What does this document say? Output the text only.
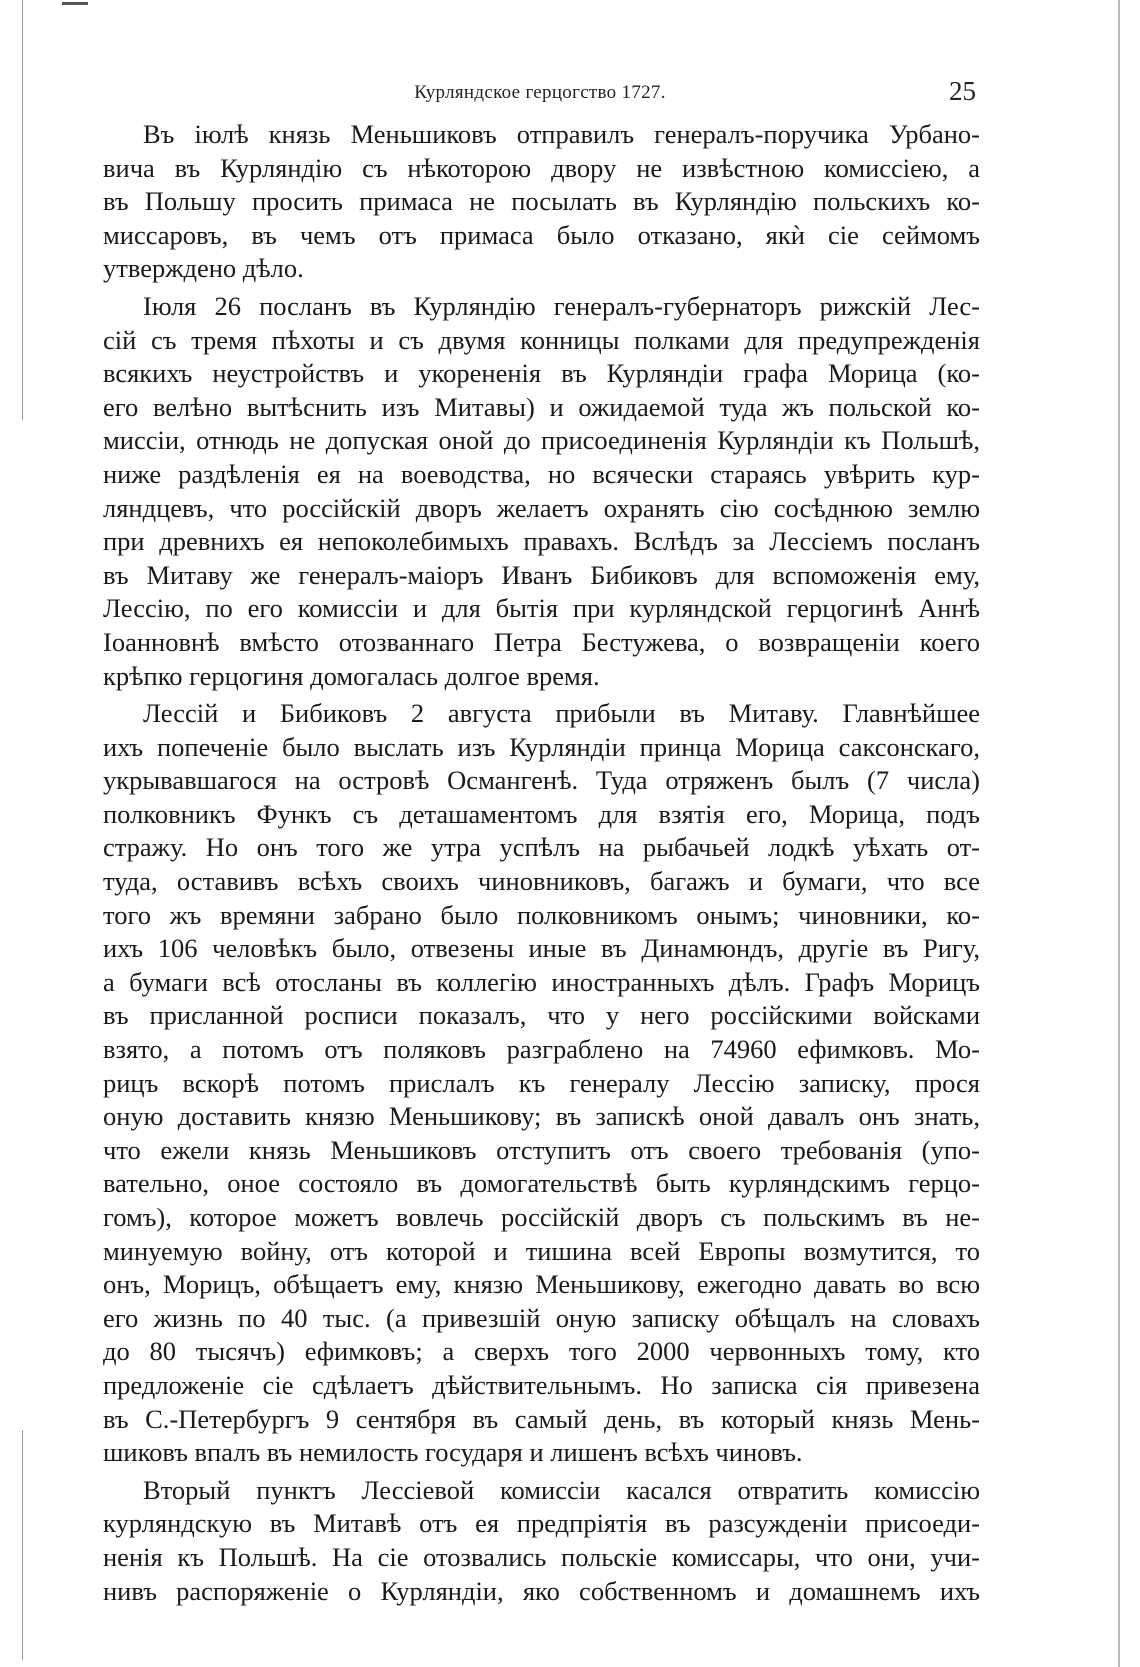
Курляндское герцогство 1727.	25
Въ іюлѣ князь Меньшиковъ отправилъ генералъ-поручика Урбано-
вича въ Курляндію съ нѣкоторою двору не извѣстною комиссіею, а
въ Польшу просить примаса не посылать въ Курляндію польскихъ ко-
миссаровъ, въ чемъ отъ примаса было отказано, якѝ сіе сеймомъ
утверждено дѣло.
Іюля 26 посланъ въ Курляндію генералъ-губернаторъ рижскій Лес-
сій съ тремя пѣхоты и съ двумя конницы полками для предупрежденія
всякихъ неустройствъ и укорененія въ Курляндіи графа Морица (ко-
его велѣно вытѣснить изъ Митавы) и ожидаемой туда жъ польской ко-
миссіи, отнюдь не допуская оной до присоединенія Курляндіи къ Польшѣ,
ниже раздѣленія ея на воеводства, но всячески стараясь увѣрить кур-
ляндцевъ, что россійскій дворъ желаетъ охранять сію сосѣднюю землю
при древнихъ ея непоколебимыхъ правахъ. Вслѣдъ за Лессіемъ посланъ
въ Митаву же генералъ-маіоръ Иванъ Бибиковъ для вспоможенія ему,
Лессію, по его комиссіи и для бытія при курляндской герцогинѣ Аннѣ
Іоанновнѣ вмѣсто отозваннаго Петра Бестужева, о возвращеніи коего
крѣпко герцогиня домогалась долгое время.
Лессій и Бибиковъ 2 августа прибыли въ Митаву. Главнѣйшее
ихъ попеченіе было выслать изъ Курляндіи принца Морица саксонскаго,
укрывавшагося на островѣ Османгенѣ. Туда отряженъ былъ (7 числа)
полковникъ Функъ съ деташаментомъ для взятія его, Морица, подъ
стражу. Но онъ того же утра успѣлъ на рыбачьей лодкѣ уѣхать от-
туда, оставивъ всѣхъ своихъ чиновниковъ, багажъ и бумаги, что все
того жъ времяни забрано было полковникомъ онымъ; чиновники, ко-
ихъ 106 человѣкъ было, отвезены иные въ Динамюндъ, другіе въ Ригу,
а бумаги всѣ отосланы въ коллегію иностранныхъ дѣлъ. Графъ Морицъ
въ присланной росписи показалъ, что у него россійскими войсками
взято, а потомъ отъ поляковъ разграблено на 74960 ефимковъ. Мо-
рицъ вскорѣ потомъ прислалъ къ генералу Лессію записку, прося
оную доставить князю Меньшикову; въ запискѣ оной давалъ онъ знать,
что ежели князь Меньшиковъ отступитъ отъ своего требованія (упо-
вательно, оное состояло въ домогательствѣ быть курляндскимъ герцо-
гомъ), которое можетъ вовлечь россійскій дворъ съ польскимъ въ не-
минуемую войну, отъ которой и тишина всей Европы возмутится, то
онъ, Морицъ, обѣщаетъ ему, князю Меньшикову, ежегодно давать во всю
его жизнь по 40 тыс. (а привезшій оную записку обѣщалъ на словахъ
до 80 тысячъ) ефимковъ; а сверхъ того 2000 червонныхъ тому, кто
предложеніе сіе сдѣлаетъ дѣйствительнымъ. Но записка сія привезена
въ С.-Петербургъ 9 сентября въ самый день, въ который князь Мень-
шиковъ впалъ въ немилость государя и лишенъ всѣхъ чиновъ.
Вторый пунктъ Лессіевой комиссіи касался отвратить комиссію
курляндскую въ Митавѣ отъ ея предпріятія въ разсужденіи присоеди-
ненія къ Польшѣ. На сіе отозвались польскіе комиссары, что они, учи-
нивъ распоряженіе о Курляндіи, яко собственномъ и домашнемъ ихъ
